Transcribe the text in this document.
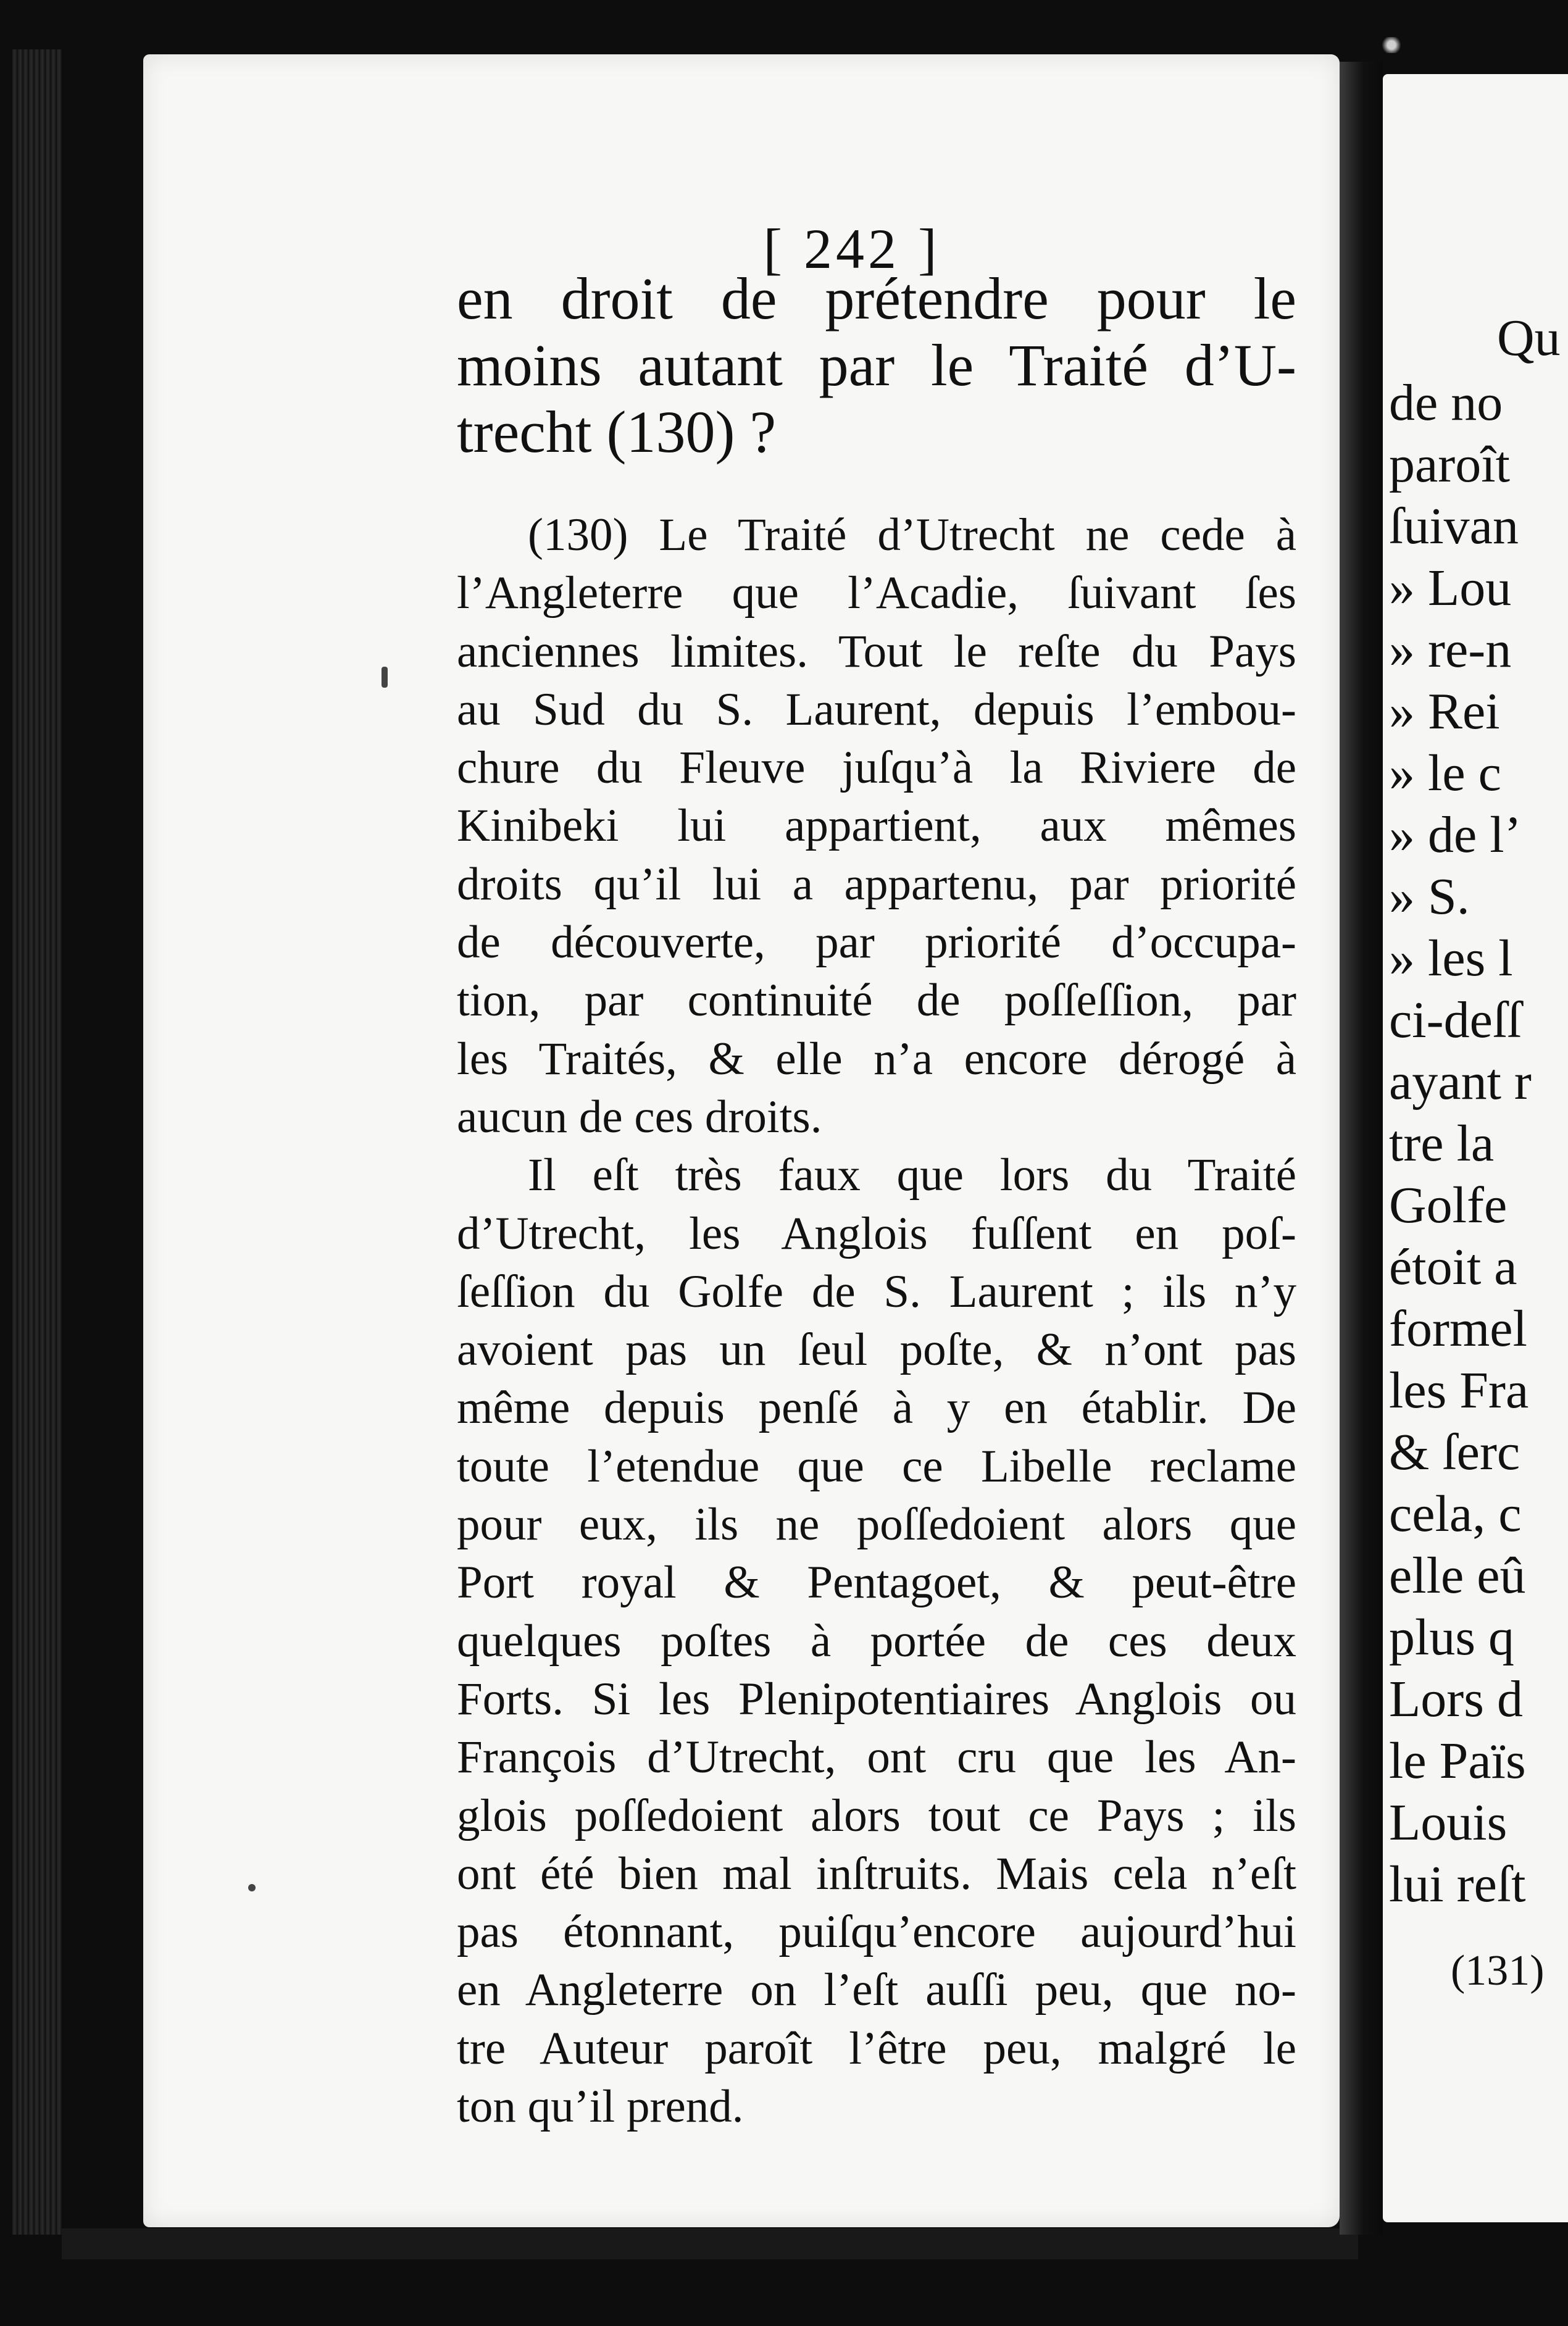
[ 242 ]
en droit de prétendre pour le
moins autant par le Traité d’U-
trecht (130) ?
(130) Le Traité d’Utrecht ne cede à
l’Angleterre que l’Acadie, ſuivant ſes
anciennes limites. Tout le reſte du Pays
au Sud du S. Laurent, depuis l’embou-
chure du Fleuve juſqu’à la Riviere de
Kinibeki lui appartient, aux mêmes
droits qu’il lui a appartenu, par priorité
de découverte, par priorité d’occupa-
tion, par continuité de poſſeſſion, par
les Traités, & elle n’a encore dérogé à
aucun de ces droits.
Il eſt très faux que lors du Traité
d’Utrecht, les Anglois fuſſent en poſ-
ſeſſion du Golfe de S. Laurent ; ils n’y
avoient pas un ſeul poſte, & n’ont pas
même depuis penſé à y en établir. De
toute l’etendue que ce Libelle reclame
pour eux, ils ne poſſedoient alors que
Port royal & Pentagoet, & peut-être
quelques poſtes à portée de ces deux
Forts. Si les Plenipotentiaires Anglois ou
François d’Utrecht, ont cru que les An-
glois poſſedoient alors tout ce Pays ; ils
ont été bien mal inſtruits. Mais cela n’eſt
pas étonnant, puiſqu’encore aujourd’hui
en Angleterre on l’eſt auſſi peu, que no-
tre Auteur paroît l’être peu, malgré le
ton qu’il prend.
Qu
de no
paroît
ſuivan
» Lou
» re-n
» Rei
» le c
» de l’
» S.
» les l
ci-deſſ
ayant r
tre la
Golfe
étoit a
formel
les Fra
& ſerc
cela, c
elle eû
plus q
Lors d
le Païs
Louis
lui reſt
(131)
